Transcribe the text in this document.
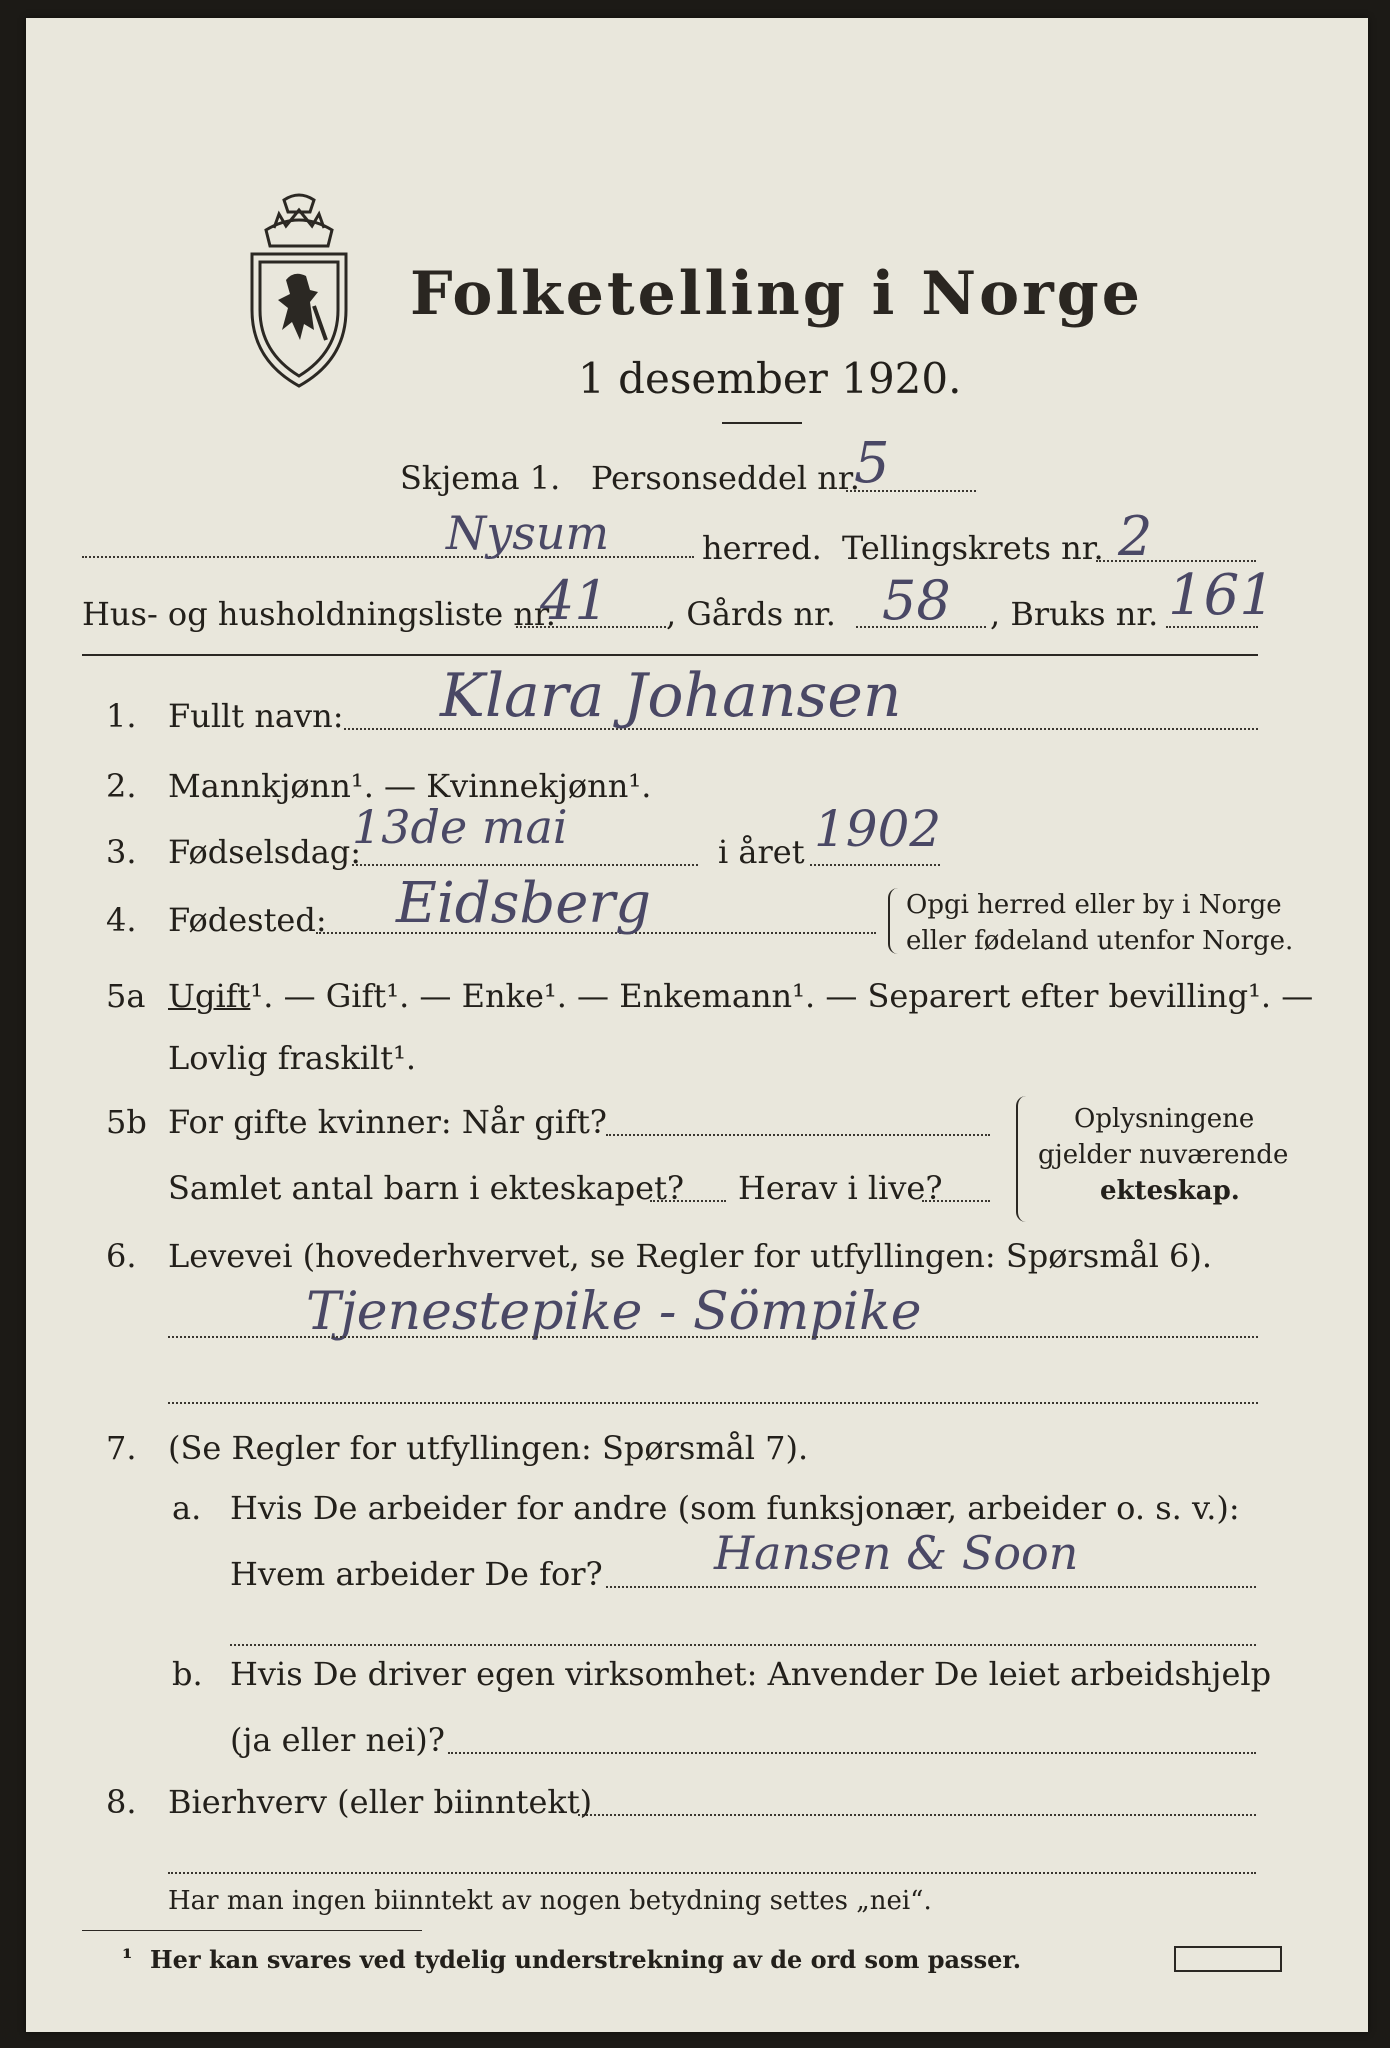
Folketelling i Norge
1 desember 1920.
Skjema 1. Personseddel nr.
5
Nysum	herred. Tellingskrets nr. 2
Hus- og husholdningsliste nr.
41 , Gårds nr. 58 , Bruks nr. 161
1. Fullt navn: Klara Johansen
2. Mannkjønn¹. — Kvinnekjønn¹.
3. Fødselsdag:
13de mai	i året 1902
4. Fødested: Eidsberg	Opgi herred eller by i Norge
eller fødeland utenfor Norge.
5a Ugift¹. — Gift¹. — Enke¹. — Enkemann¹. — Separert efter bevilling¹. —
Lovlig fraskilt¹.
5b For gifte kvinner: Når gift?
Samlet antal barn i ekteskapet? Herav i live?
Oplysningene
gjelder nuværende
ekteskap.
6. Levevei (hovederhvervet, se Regler for utfyllingen: Spørsmål 6).
Tjenestepike - Sömpike
7. (Se Regler for utfyllingen: Spørsmål 7).
a. Hvis De arbeider for andre (som funksjonær, arbeider o. s. v.):
Hvem arbeider De for? Hansen & Soon
b. Hvis De driver egen virksomhet: Anvender De leiet arbeidshjelp
(ja eller nei)?
8. Bierhverv (eller biinntekt)
Har man ingen biinntekt av nogen betydning settes „nei“.
¹ Her kan svares ved tydelig understrekning av de ord som passer.
